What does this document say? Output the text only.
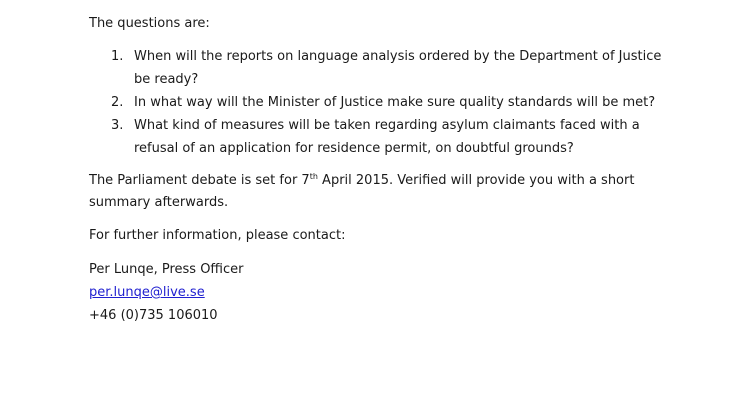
The questions are:

1. When will the reports on language analysis ordered by the Department of Justice
be ready?
2. In what way will the Minister of Justice make sure quality standards will be met?
3. What kind of measures will be taken regarding asylum claimants faced with a
refusal of an application for residence permit, on doubtful grounds?

The Parliament debate is set for 7th April 2015. Verified will provide you with a short
summary afterwards.

For further information, please contact:

Per Lunqe, Press Officer

per.lunqe@live.se

+46 (0)735 106010
